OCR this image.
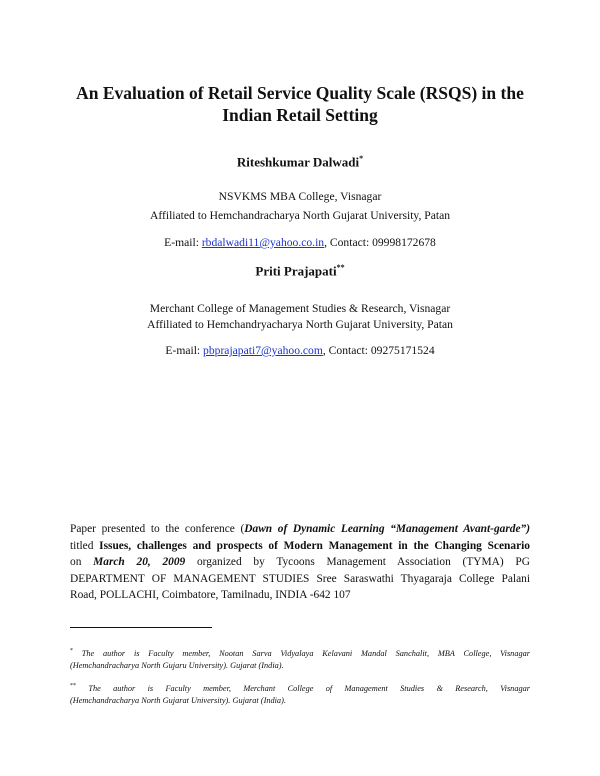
An Evaluation of Retail Service Quality Scale (RSQS) in the
Indian Retail Setting
Riteshkumar Dalwadi*
NSVKMS MBA College, Visnagar
Affiliated to Hemchandracharya North Gujarat University, Patan
E-mail: rbdalwadi11@yahoo.co.in, Contact: 09998172678
Priti Prajapati**
Merchant College of Management Studies & Research, Visnagar
Affiliated to Hemchandryacharya North Gujarat University, Patan
E-mail: pbprajapati7@yahoo.com, Contact: 09275171524
Paper presented to the conference (Dawn of Dynamic Learning “Management Avant-garde”)
titled Issues, challenges and prospects of Modern Management in the Changing Scenario
on March 20, 2009 organized by Tycoons Management Association (TYMA) PG
DEPARTMENT OF MANAGEMENT STUDIES Sree Saraswathi Thyagaraja College Palani
Road, POLLACHI, Coimbatore, Tamilnadu, INDIA -642 107
* The author is Faculty member, Nootan Sarva Vidyalaya Kelavani Mandal Sanchalit, MBA College, Visnagar
(Hemchandracharya North Gujaru University). Gujarat (India).
** The author is Faculty member, Merchant College of Management Studies & Research, Visnagar
(Hemchandracharya North Gujarat University). Gujarat (India).
